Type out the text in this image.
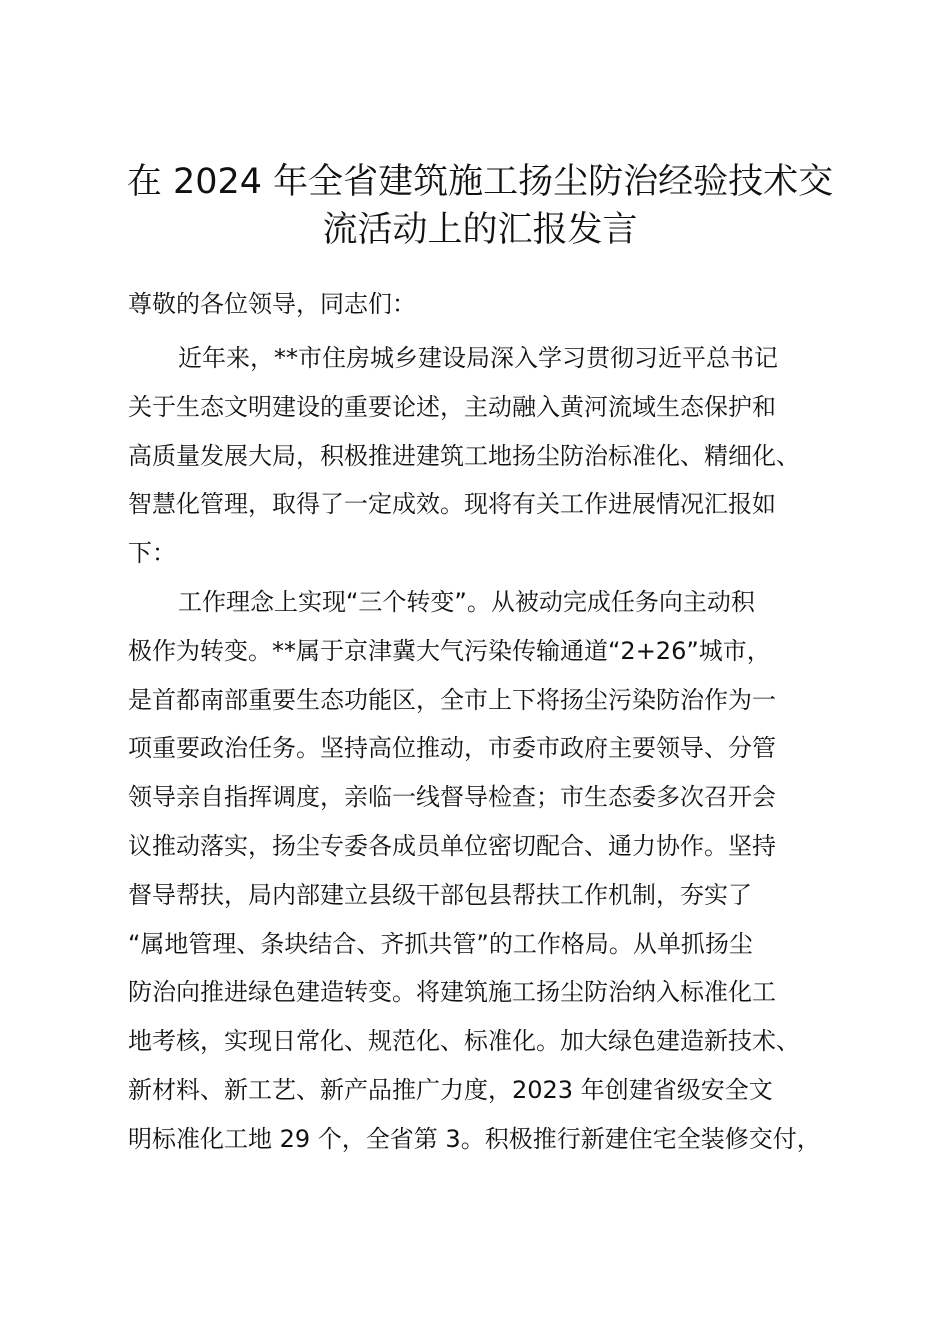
在 2024 年全省建筑施工扬尘防治经验技术交
流活动上的汇报发言

尊敬的各位领导，同志们：

近年来，**市住房城乡建设局深入学习贯彻习近平总书记
关于生态文明建设的重要论述，主动融入黄河流域生态保护和
高质量发展大局，积极推进建筑工地扬尘防治标准化、精细化、
智慧化管理，取得了一定成效。现将有关工作进展情况汇报如
下：
工作理念上实现“三个转变”。从被动完成任务向主动积
极作为转变。**属于京津冀大气污染传输通道“2+26”城市，
是首都南部重要生态功能区，全市上下将扬尘污染防治作为一
项重要政治任务。坚持高位推动，市委市政府主要领导、分管
领导亲自指挥调度，亲临一线督导检查；市生态委多次召开会
议推动落实，扬尘专委各成员单位密切配合、通力协作。坚持
督导帮扶，局内部建立县级干部包县帮扶工作机制，夯实了
“属地管理、条块结合、齐抓共管”的工作格局。从单抓扬尘
防治向推进绿色建造转变。将建筑施工扬尘防治纳入标准化工
地考核，实现日常化、规范化、标准化。加大绿色建造新技术、
新材料、新工艺、新产品推广力度，2023 年创建省级安全文
明标准化工地 29 个，全省第 3。积极推行新建住宅全装修交付，
